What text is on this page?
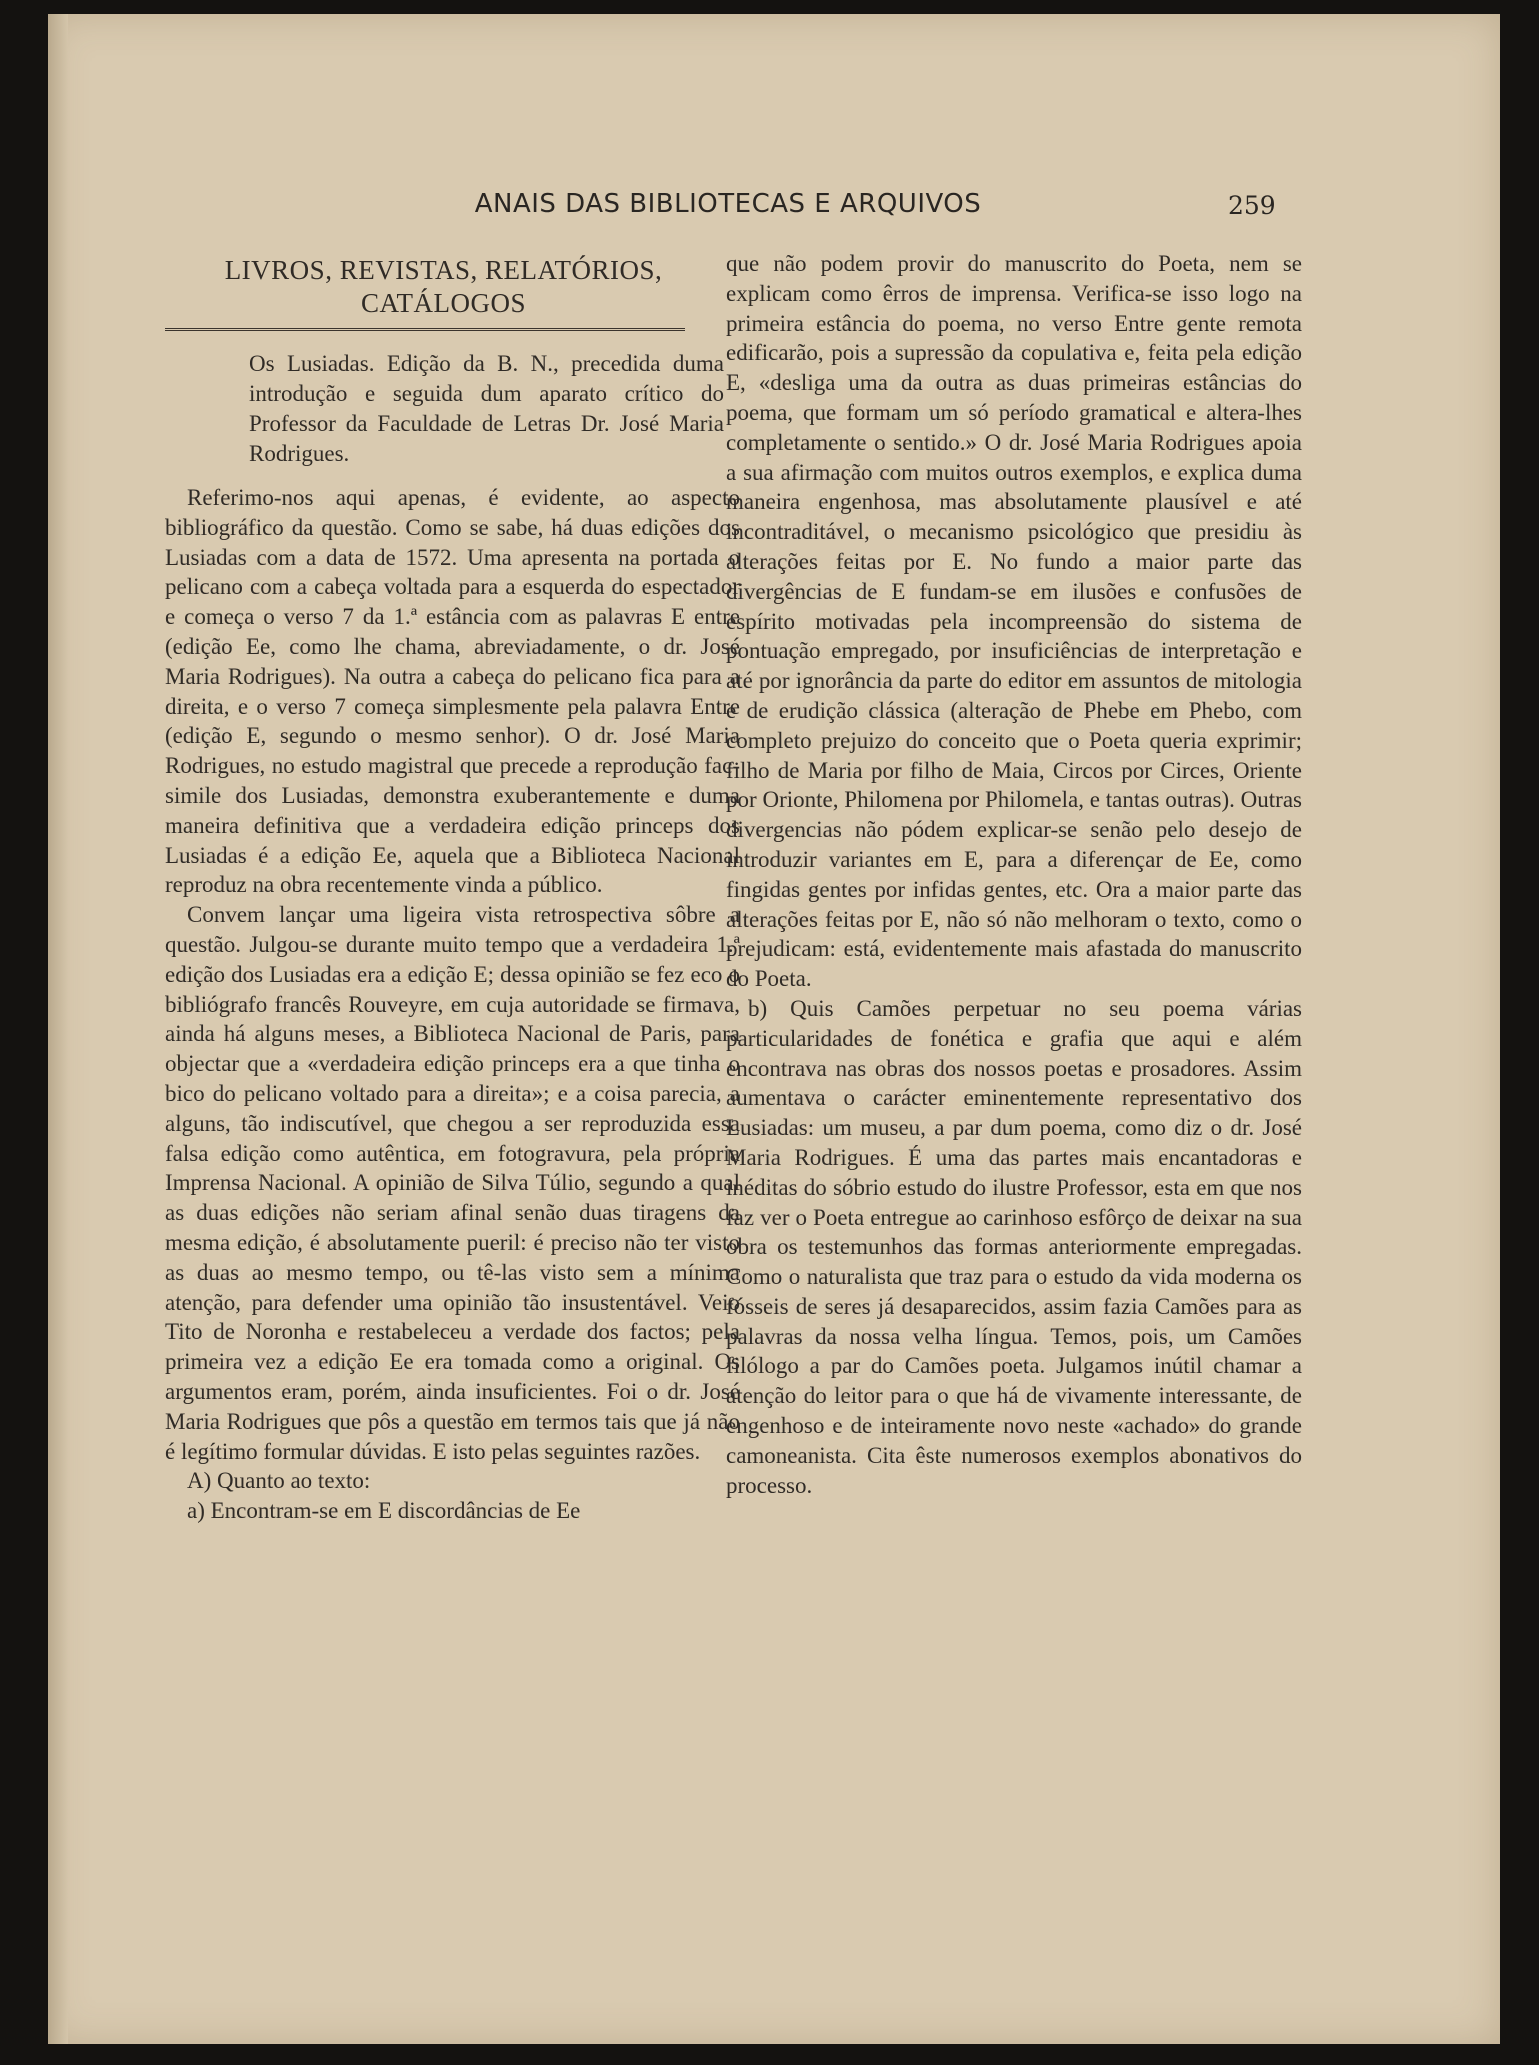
ANAIS DAS BIBLIOTECAS E ARQUIVOS	259
LIVROS, REVISTAS, RELATÓRIOS, CATÁLOGOS
Os Lusiadas. Edição da B. N., precedida duma introdução e seguida dum aparato crítico do Professor da Faculdade de Letras Dr. José Maria Rodrigues.

Referimo-nos aqui apenas, é evidente, ao aspecto bibliográfico da questão. Como se sabe, há duas edições dos Lusiadas com a data de 1572. Uma apresenta na portada o pelicano com a cabeça voltada para a esquerda do espectador e começa o verso 7 da 1.ª estância com as palavras E entre (edição Ee, como lhe chama, abreviadamente, o dr. José Maria Rodrigues). Na outra a cabeça do pelicano fica para a direita, e o verso 7 começa simplesmente pela palavra Entre (edição E, segundo o mesmo senhor). O dr. José Maria Rodrigues, no estudo magistral que precede a reprodução fac-simile dos Lusiadas, demonstra exuberantemente e duma maneira definitiva que a verdadeira edição princeps dos Lusiadas é a edição Ee, aquela que a Biblioteca Nacional reproduz na obra recentemente vinda a público.

Convem lançar uma ligeira vista retrospectiva sôbre a questão. Julgou-se durante muito tempo que a verdadeira 1.ª edição dos Lusiadas era a edição E; dessa opinião se fez eco o bibliógrafo francês Rouveyre, em cuja autoridade se firmava, ainda há alguns meses, a Biblioteca Nacional de Paris, para objectar que a «verdadeira edição princeps era a que tinha o bico do pelicano voltado para a direita»; e a coisa parecia, a alguns, tão indiscutível, que chegou a ser reproduzida essa falsa edição como autêntica, em fotogravura, pela própria Imprensa Nacional. A opinião de Silva Túlio, segundo a qual as duas edições não seriam afinal senão duas tiragens da mesma edição, é absolutamente pueril: é preciso não ter visto as duas ao mesmo tempo, ou tê-las visto sem a mínima atenção, para defender uma opinião tão insustentável. Veio Tito de Noronha e restabeleceu a verdade dos factos; pela primeira vez a edição Ee era tomada como a original. Os argumentos eram, porém, ainda insuficientes. Foi o dr. José Maria Rodrigues que pôs a questão em termos tais que já não é legítimo formular dúvidas. E isto pelas seguintes razões.

A) Quanto ao texto:

a) Encontram-se em E discordâncias de Ee

que não podem provir do manuscrito do Poeta, nem se explicam como êrros de imprensa. Verifica-se isso logo na primeira estância do poema, no verso Entre gente remota edificarão, pois a supressão da copulativa e, feita pela edição E, «desliga uma da outra as duas primeiras estâncias do poema, que formam um só período gramatical e altera-lhes completamente o sentido.» O dr. José Maria Rodrigues apoia a sua afirmação com muitos outros exemplos, e explica duma maneira engenhosa, mas absolutamente plausível e até incontraditável, o mecanismo psicológico que presidiu às alterações feitas por E. No fundo a maior parte das divergências de E fundam-se em ilusões e confusões de espírito motivadas pela incompreensão do sistema de pontuação empregado, por insuficiências de interpretação e até por ignorância da parte do editor em assuntos de mitologia e de erudição clássica (alteração de Phebe em Phebo, com completo prejuizo do conceito que o Poeta queria exprimir; filho de Maria por filho de Maia, Circos por Circes, Oriente por Orionte, Philomena por Philomela, e tantas outras). Outras divergencias não pódem explicar-se senão pelo desejo de introduzir variantes em E, para a diferençar de Ee, como fingidas gentes por infidas gentes, etc. Ora a maior parte das alterações feitas por E, não só não melhoram o texto, como o prejudicam: está, evidentemente mais afastada do manuscrito do Poeta.

b) Quis Camões perpetuar no seu poema várias particularidades de fonética e grafia que aqui e além encontrava nas obras dos nossos poetas e prosadores. Assim aumentava o carácter eminentemente representativo dos Lusiadas: um museu, a par dum poema, como diz o dr. José Maria Rodrigues. É uma das partes mais encantadoras e inéditas do sóbrio estudo do ilustre Professor, esta em que nos faz ver o Poeta entregue ao carinhoso esfôrço de deixar na sua obra os testemunhos das formas anteriormente empregadas. Como o naturalista que traz para o estudo da vida moderna os fósseis de seres já desaparecidos, assim fazia Camões para as palavras da nossa velha língua. Temos, pois, um Camões filólogo a par do Camões poeta. Julgamos inútil chamar a atenção do leitor para o que há de vivamente interessante, de engenhoso e de inteiramente novo neste «achado» do grande camoneanista. Cita êste numerosos exemplos abonativos do processo.
